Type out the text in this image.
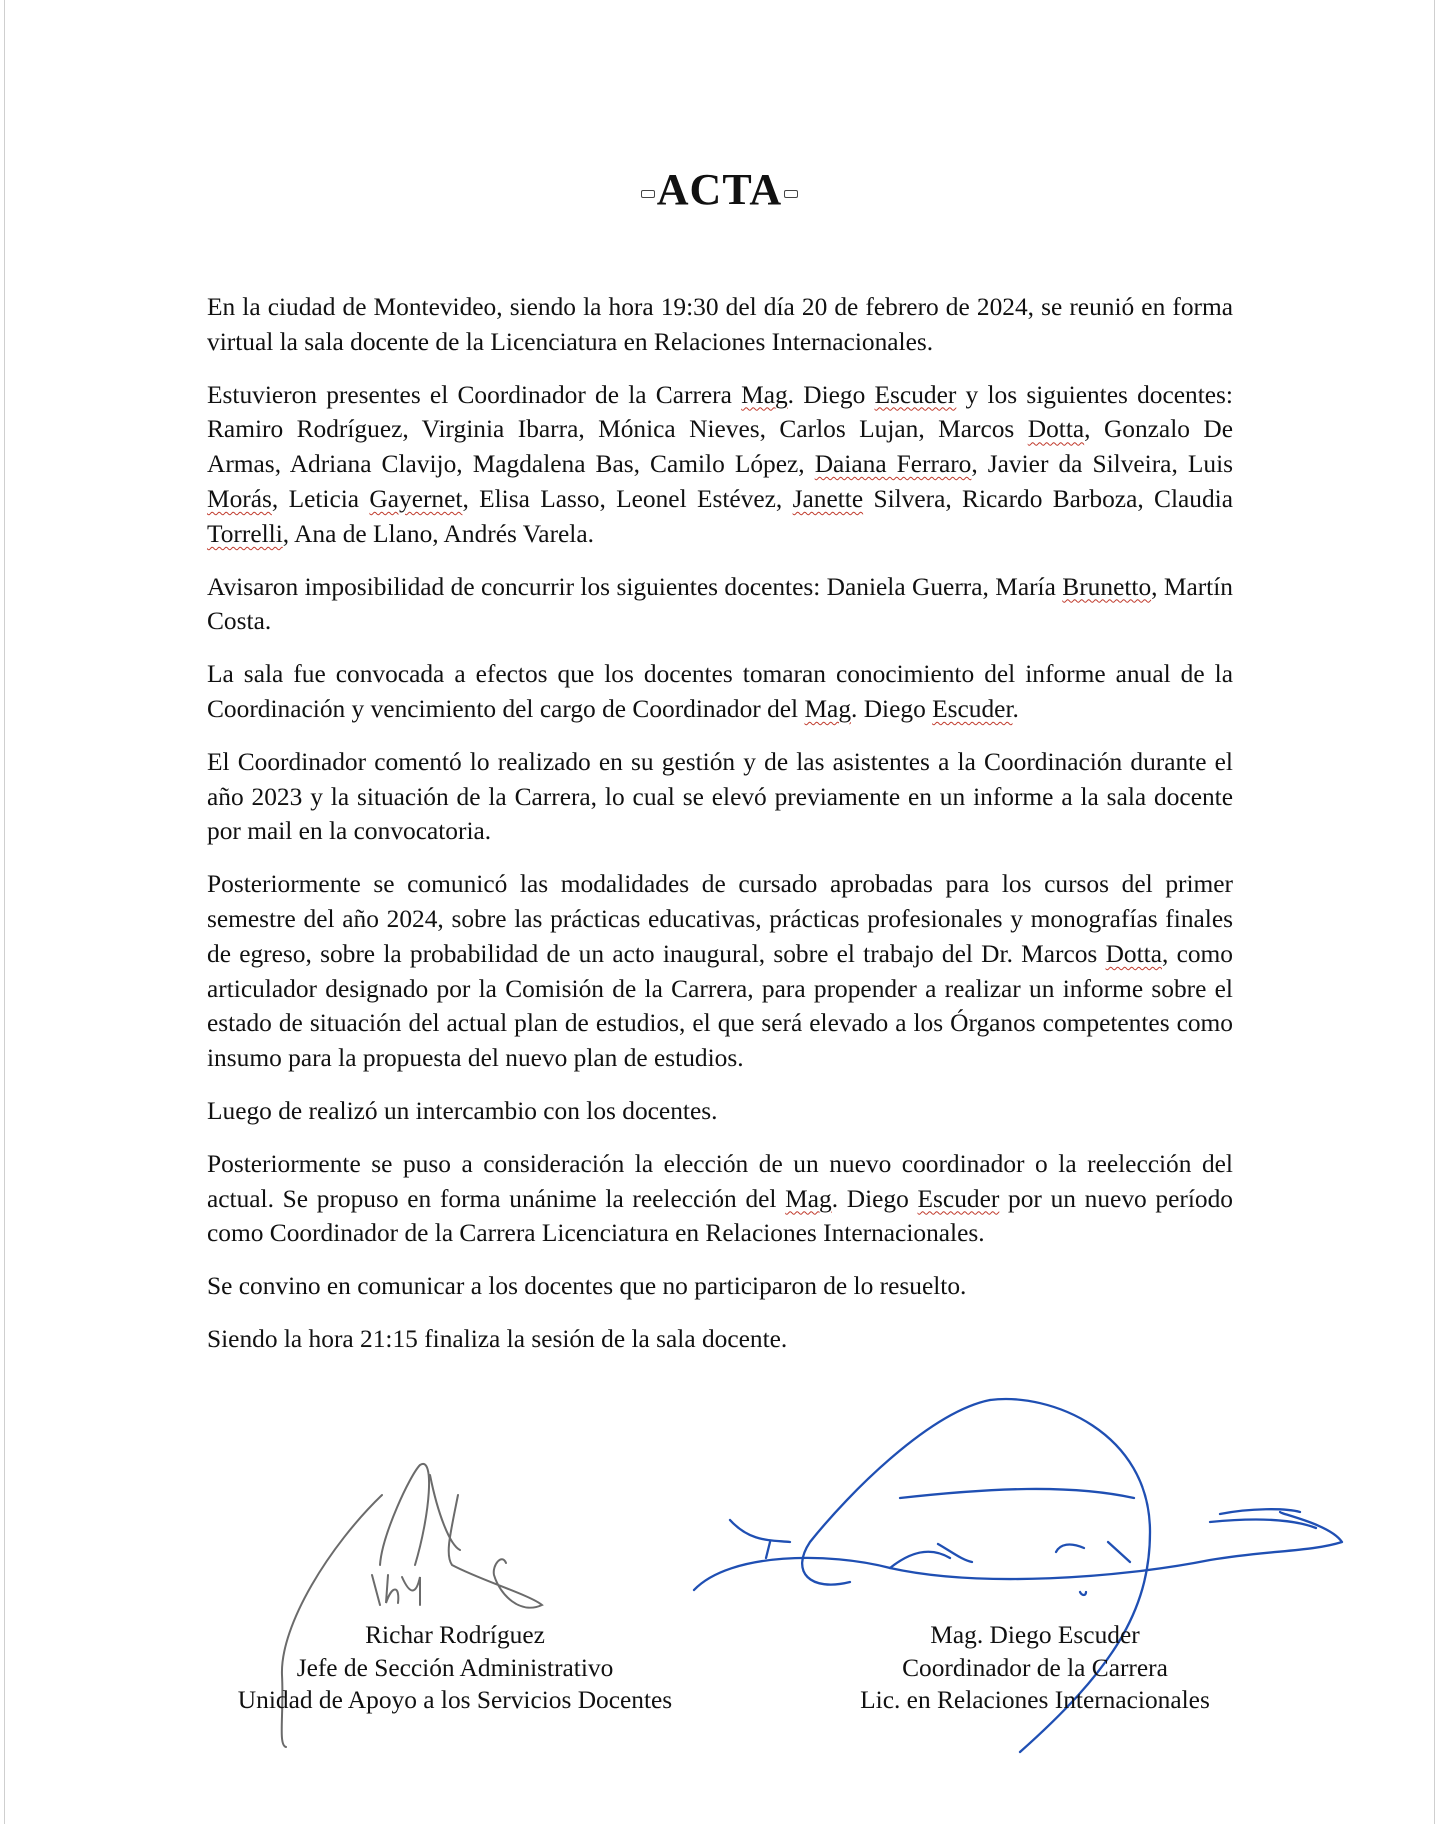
ACTA

En la ciudad de Montevideo, siendo la hora 19:30 del día 20 de febrero de 2024, se reunió en forma virtual la sala docente de la Licenciatura en Relaciones Internacionales.

Estuvieron presentes el Coordinador de la Carrera Mag. Diego Escuder y los siguientes docentes: Ramiro Rodríguez, Virginia Ibarra, Mónica Nieves, Carlos Lujan, Marcos Dotta, Gonzalo De Armas, Adriana Clavijo, Magdalena Bas, Camilo López, Daiana Ferraro, Javier da Silveira, Luis Morás, Leticia Gayernet, Elisa Lasso, Leonel Estévez, Janette Silvera, Ricardo Barboza, Claudia Torrelli, Ana de Llano, Andrés Varela.

Avisaron imposibilidad de concurrir los siguientes docentes: Daniela Guerra, María Brunetto, Martín Costa.

La sala fue convocada a efectos que los docentes tomaran conocimiento del informe anual de la Coordinación y vencimiento del cargo de Coordinador del Mag. Diego Escuder.

El Coordinador comentó lo realizado en su gestión y de las asistentes a la Coordinación durante el año 2023 y la situación de la Carrera, lo cual se elevó previamente en un informe a la sala docente por mail en la convocatoria.

Posteriormente se comunicó las modalidades de cursado aprobadas para los cursos del primer semestre del año 2024, sobre las prácticas educativas, prácticas profesionales y monografías finales de egreso, sobre la probabilidad de un acto inaugural, sobre el trabajo del Dr. Marcos Dotta, como articulador designado por la Comisión de la Carrera, para propender a realizar un informe sobre el estado de situación del actual plan de estudios, el que será elevado a los Órganos competentes como insumo para la propuesta del nuevo plan de estudios.

Luego de realizó un intercambio con los docentes.

Posteriormente se puso a consideración la elección de un nuevo coordinador o la reelección del actual. Se propuso en forma unánime la reelección del Mag. Diego Escuder por un nuevo período como Coordinador de la Carrera Licenciatura en Relaciones Internacionales.

Se convino en comunicar a los docentes que no participaron de lo resuelto.

Siendo la hora 21:15 finaliza la sesión de la sala docente.

Richar Rodríguez
Jefe de Sección Administrativo
Unidad de Apoyo a los Servicios Docentes
Mag. Diego Escuder
Coordinador de la Carrera
Lic. en Relaciones Internacionales
